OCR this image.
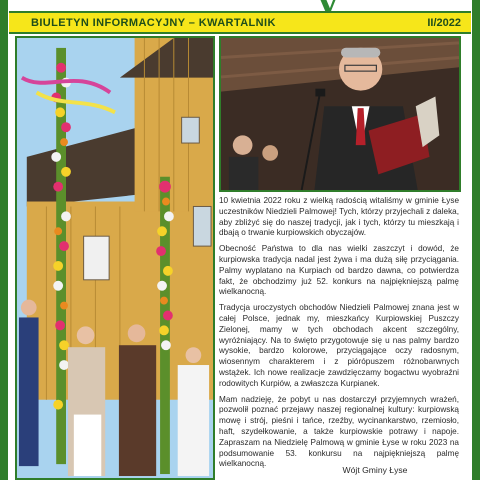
BIULETYN INFORMACYJNY – KWARTALNIK	II/2022

10 kwietnia 2022 roku z wielką radością witaliśmy w gminie Łyse uczestników Niedzieli Palmowej! Tych, którzy przyjechali z daleka, aby zbliżyć się do naszej tradycji, jak i tych, którzy tu mieszkają i dbają o trwanie kurpiowskich obyczajów.

Obecność Państwa to dla nas wielki zaszczyt i dowód, że kurpiowska tradycja nadal jest żywa i ma dużą siłę przyciągania. Palmy wyplatano na Kurpiach od bardzo dawna, co potwierdza fakt, że obchodzimy już 52. konkurs na najpiękniejszą palmę wielkanocną.

Tradycja uroczystych obchodów Niedzieli Palmowej znana jest w całej Polsce, jednak my, mieszkańcy Kurpiowskiej Puszczy Zielonej, mamy w tych obchodach akcent szczególny, wyróżniający. Na to święto przygotowuje się u nas palmy bardzo wysokie, bardzo kolorowe, przyciągające oczy radosnym, wiosennym charakterem i z piórópuszem różnobarwnych wstążek. Ich nowe realizacje zawdzięczamy bogactwu wyobraźni rodowitych Kurpiów, a zwłaszcza Kurpianek.

Mam nadzieję, że pobyt u nas dostarczył przyjemnych wrażeń, pozwolił poznać przejawy naszej regionalnej kultury: kurpiowską mowę i strój, pieśni i tańce, rzeźby, wycinankarstwo, rzemiosło, haft, szydełkowanie, a także kurpiowskie potrawy i napoje. Zapraszam na Niedzielę Palmową w gminie Łyse w roku 2023 na podsumowanie 53. konkursu na najpiękniejszą palmę wielkanocną.

Wójt Gminy Łyse
